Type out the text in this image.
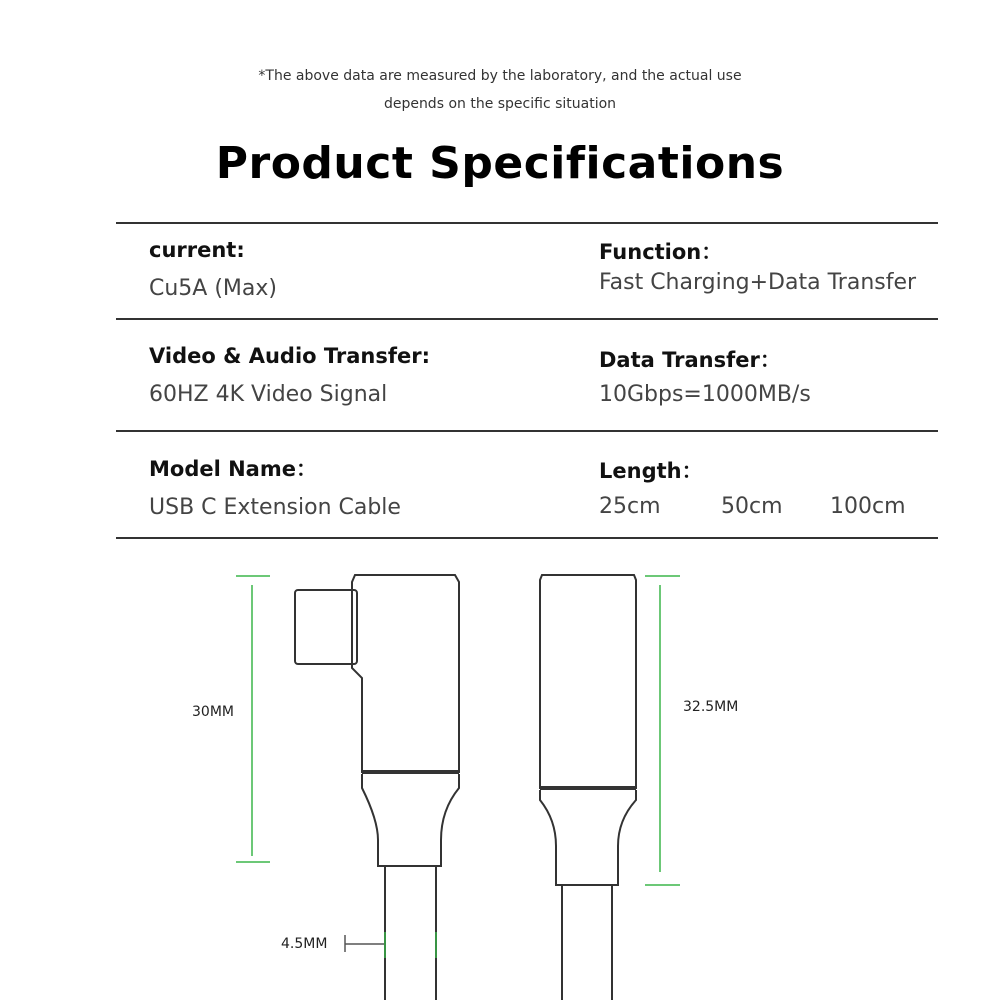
*The above data are measured by the laboratory, and the actual use
depends on the specific situation
Product Specifications
current:
Cu5A (Max)
Function：
Fast Charging+Data Transfer
Video & Audio Transfer:
60HZ 4K Video Signal
Data Transfer：
10Gbps=1000MB/s
Model Name：
USB C Extension Cable
Length：
25cm	50cm 100cm
30MM	32.5MM
4.5MM
